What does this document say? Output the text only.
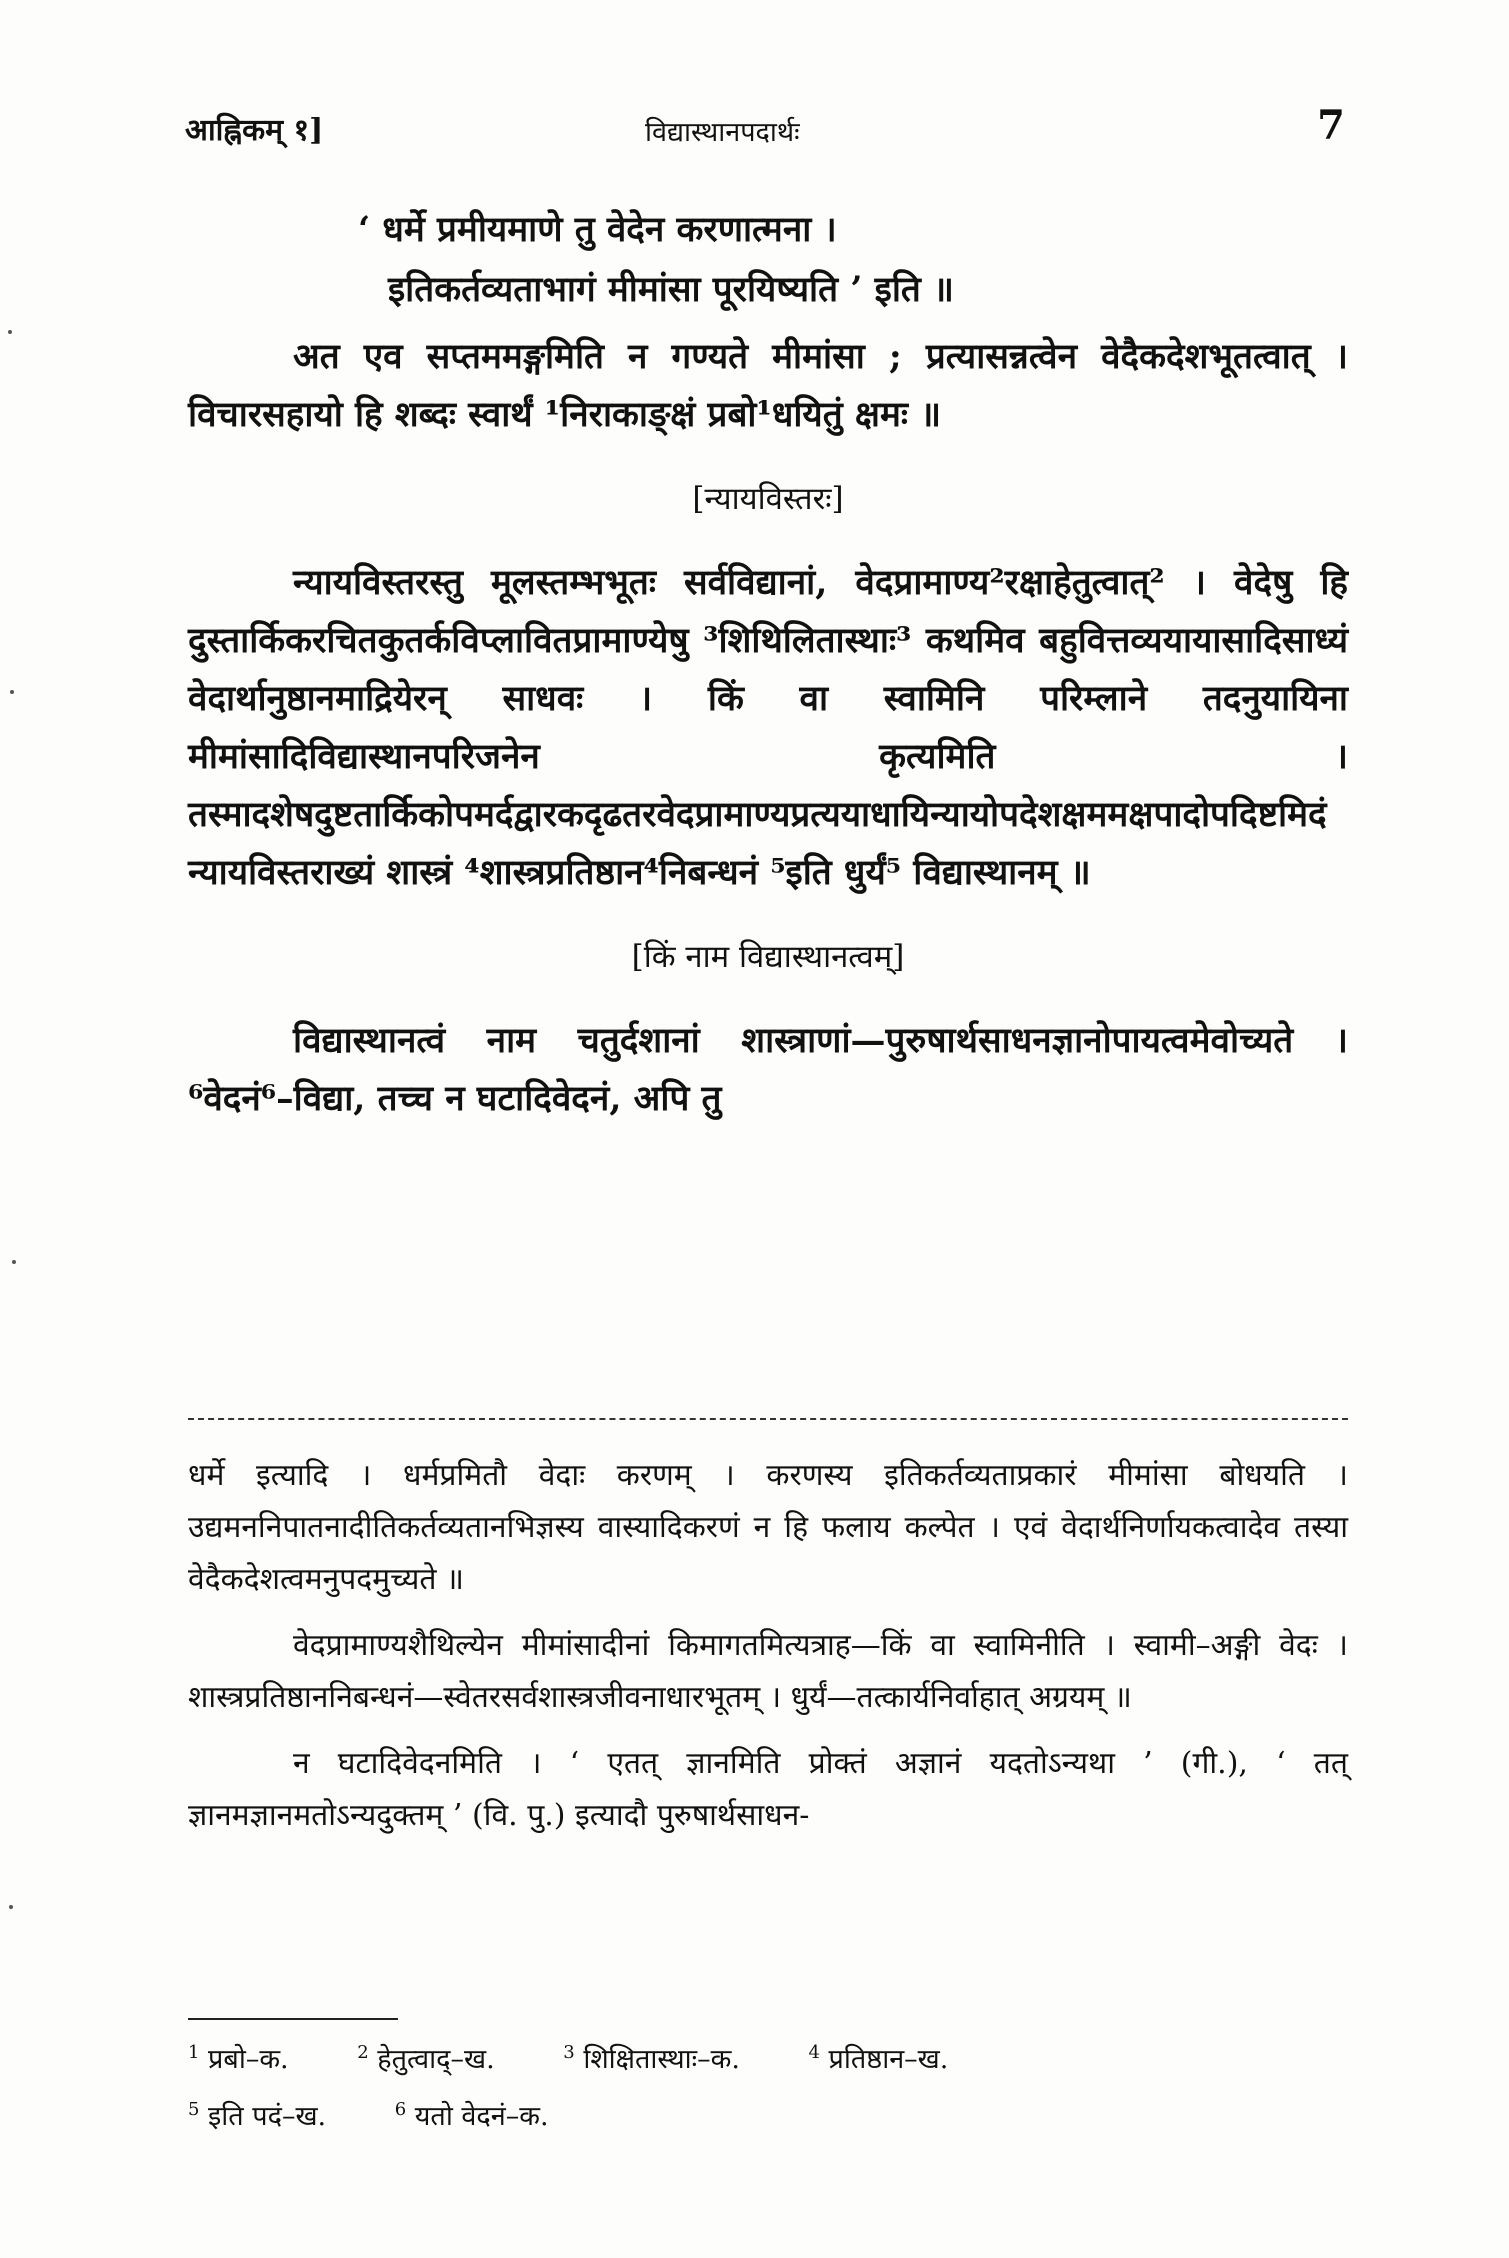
आह्निकम् १]	विद्यास्थानपदार्थः	7

‘ धर्मे प्रमीयमाणे तु वेदेन करणात्मना ।

इतिकर्तव्यताभागं मीमांसा पूरयिष्यति ’ इति ॥

अत एव सप्तममङ्गमिति न गण्यते मीमांसा ; प्रत्यासन्नत्वेन वेदैकदेशभूतत्वात् । विचारसहायो हि शब्दः स्वार्थं ¹निराकाङ्क्षं प्रबो¹धयितुं क्षमः ॥

[न्यायविस्तरः]

न्यायविस्तरस्तु मूलस्तम्भभूतः सर्वविद्यानां, वेदप्रामाण्य²रक्षाहेतुत्वात्² । वेदेषु हि दुस्तार्किकरचितकुतर्कविप्लावितप्रामाण्येषु ³शिथिलितास्थाः³ कथमिव बहुवित्तव्ययायासादिसाध्यं वेदार्थानुष्ठानमाद्रियेरन् साधवः । किं वा स्वामिनि परिम्लाने तदनुयायिना मीमांसादिविद्यास्थानपरिजनेन कृत्यमिति । तस्मादशेषदुष्टतार्किकोपमर्दद्वारकदृढतरवेदप्रामाण्यप्रत्ययाधायिन्यायोपदेशक्षममक्षपादोपदिष्टमिदं न्यायविस्तराख्यं शास्त्रं ⁴शास्त्रप्रतिष्ठान⁴निबन्धनं ⁵इति धुर्यं⁵ विद्यास्थानम् ॥

[किं नाम विद्यास्थानत्वम्]

विद्यास्थानत्वं नाम चतुर्दशानां शास्त्राणां—पुरुषार्थसाधनज्ञानोपायत्वमेवोच्यते । ⁶वेदनं⁶–विद्या, तच्च न घटादिवेदनं, अपि तु

धर्मे इत्यादि । धर्मप्रमितौ वेदाः करणम् । करणस्य इतिकर्तव्यताप्रकारं मीमांसा बोधयति । उद्यमननिपातनादीतिकर्तव्यतानभिज्ञस्य वास्यादिकरणं न हि फलाय कल्पेत । एवं वेदार्थनिर्णायकत्वादेव तस्या वेदैकदेशत्वमनुपदमुच्यते ॥

वेदप्रामाण्यशैथिल्येन मीमांसादीनां किमागतमित्यत्राह—किं वा स्वामिनीति । स्वामी–अङ्गी वेदः । शास्त्रप्रतिष्ठाननिबन्धनं—स्वेतरसर्वशास्त्रजीवनाधारभूतम् । धुर्यं—तत्कार्यनिर्वाहात् अग्रयम् ॥

न घटादिवेदनमिति । ‘ एतत् ज्ञानमिति प्रोक्तं अज्ञानं यदतोऽन्यथा ’ (गी.), ‘ तत् ज्ञानमज्ञानमतोऽन्यदुक्तम् ’ (वि. पु.) इत्यादौ पुरुषार्थसाधन-

$^1$ प्रबो–क.	$^2$ हेतुत्वाद्–ख.	$^3$ शिक्षितास्थाः–क.	$^4$ प्रतिष्ठान–ख.
$^5$ इति पदं–ख.	$^6$ यतो वेदनं–क.
